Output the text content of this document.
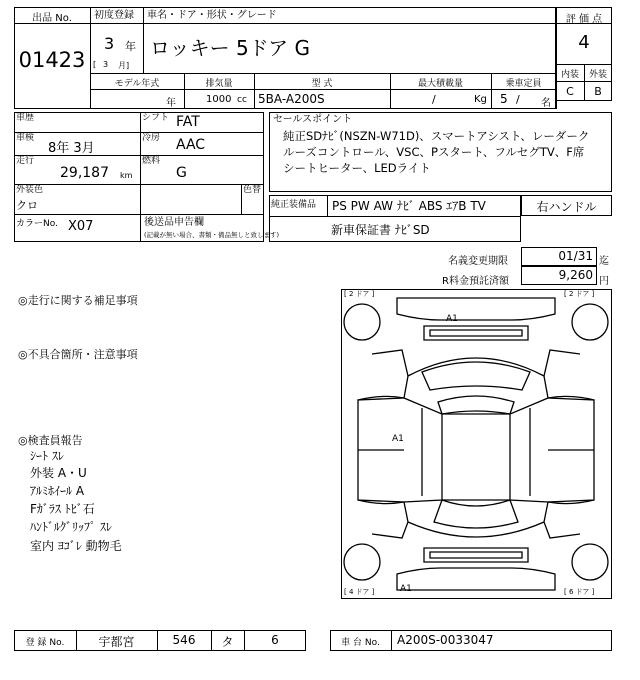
出品 No.
01423
初度登録 車名・ドア・形状・グレード
3 年
[ 3 月]
ロッキー 5ドア G
評 価 点
4
内装	外装
C	B
モデル年式	排気量	型 式	最大積載量	乗車定員
年	1000 cc 5BA-A200S	/	Kg 5 / 名
車歴	シフト FAT
車検
8年 3月
冷房 AAC
走行
29,187 km
燃料
G
外装色
クロ
色替
カラーNo. X07	後送品申告欄
(記載が無い場合、書類・備品無しと致します)
セールスポイント
純正SDﾅﾋﾞ(NSZN-W71D)、スマートアシスト、レーダークルーズコントロール、VSC、Pスタート、フルセグTV、F席シートヒーター、LEDライト
純正装備品 PS PW AW ﾅﾋﾞ ABS ｴｱB TV
新車保証書 ﾅﾋﾞSD
右ハンドル
名義変更期限	01/31 迄
R料金預託済額	9,260 円
◎走行に関する補足事項
◎不具合箇所・注意事項
◎検査員報告
ｼｰﾄ ｽﾚ
外装 A・U
ｱﾙﾐﾎｲｰﾙ A
Fｶﾞﾗｽ ﾄﾋﾞ石
ﾊﾝﾄﾞﾙｸﾞﾘｯﾌﾟ ｽﾚ
室内 ﾖｺﾞﾚ 動物毛
[ 2 ドア ]	[ 2 ドア ]
[ 4 ドア ]	[ 6 ドア ]
A1
A1
A1
登 録 No.	宇都宮	546	タ	6	車 台 No.	A200S-0033047
